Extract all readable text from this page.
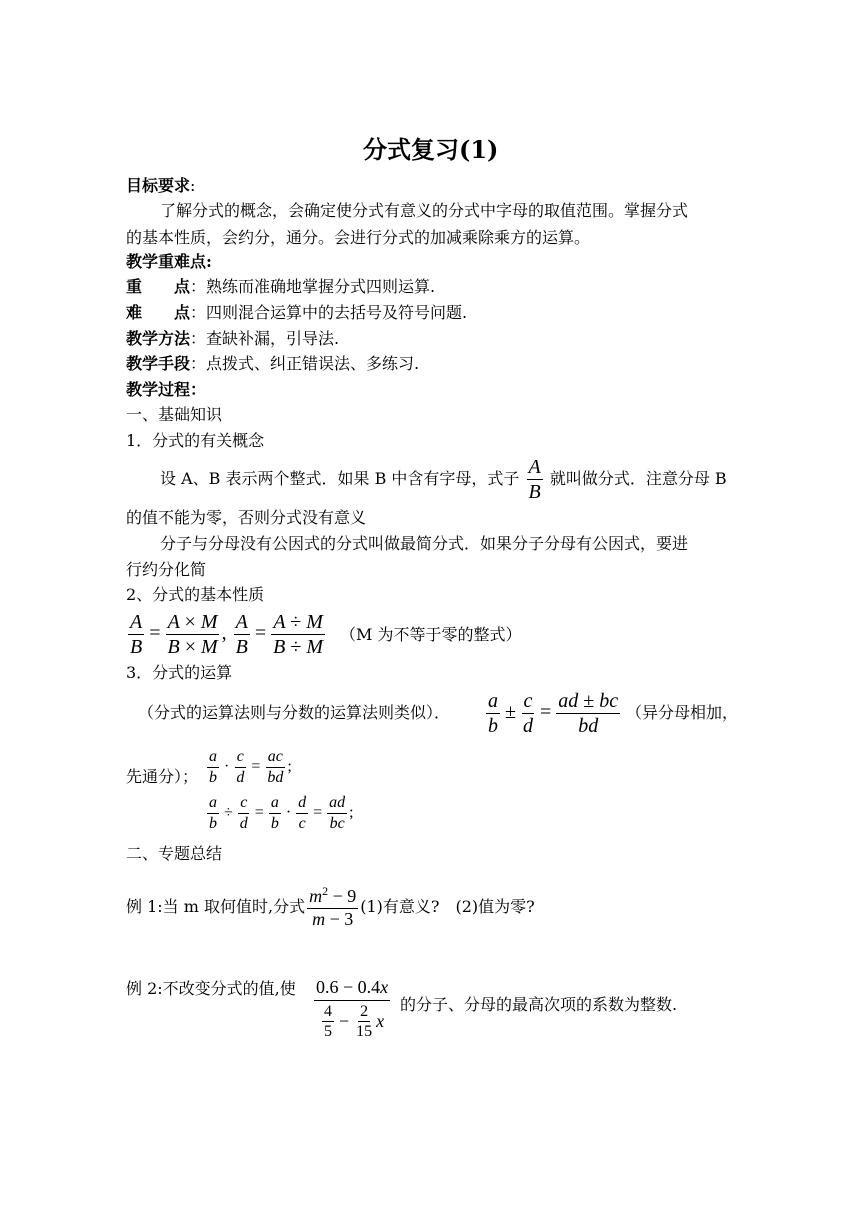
分式复习(1)
目标要求:
了解分式的概念，会确定使分式有意义的分式中字母的取值范围。掌握分式
的基本性质，会约分，通分。会进行分式的加减乘除乘方的运算。
教学重难点:
重　　点：熟练而准确地掌握分式四则运算.
难　　点：四则混合运算中的去括号及符号问题.
教学方法：查缺补漏，引导法.
教学手段：点拨式、纠正错误法、多练习.
教学过程：
一、基础知识
1．分式的有关概念
设 A、B 表示两个整式．如果 B 中含有字母，式子 $\frac{A}{B}$ 就叫做分式．注意分母 B
的值不能为零，否则分式没有意义
分子与分母没有公因式的分式叫做最简分式．如果分子分母有公因式，要进
行约分化简
2、分式的基本性质
$\frac{A}{B} = \frac{A \times M}{B \times M}$ , $\frac{A}{B} = \frac{A \div M}{B \div M} (M$ 为不等于零的整式）
3．分式的运算
（分式的运算法则与分数的运算法则类似）． $\frac{a}{b} \pm \frac{c}{d} = \frac{ad \pm bc}{bd}$ （异分母相加，
先通分）； $\frac{a}{b} \cdot \frac{c}{d} = \frac{ac}{bd}$ ;
$\frac{a}{b} \div \frac{c}{d} = \frac{a}{b} \cdot \frac{d}{c} = \frac{ad}{bc}$ ;
二、专题总结
例 1:当 m 取何值时,分式 $\frac{m^2 - 9}{m - 3} (1)$有意义?　(2)值为零?
例 2:不改变分式的值,使 0.6 − 0.4x
$\frac{4}{5} - \frac{2}{15}$ x
的分子、分母的最高次项的系数为整数.
